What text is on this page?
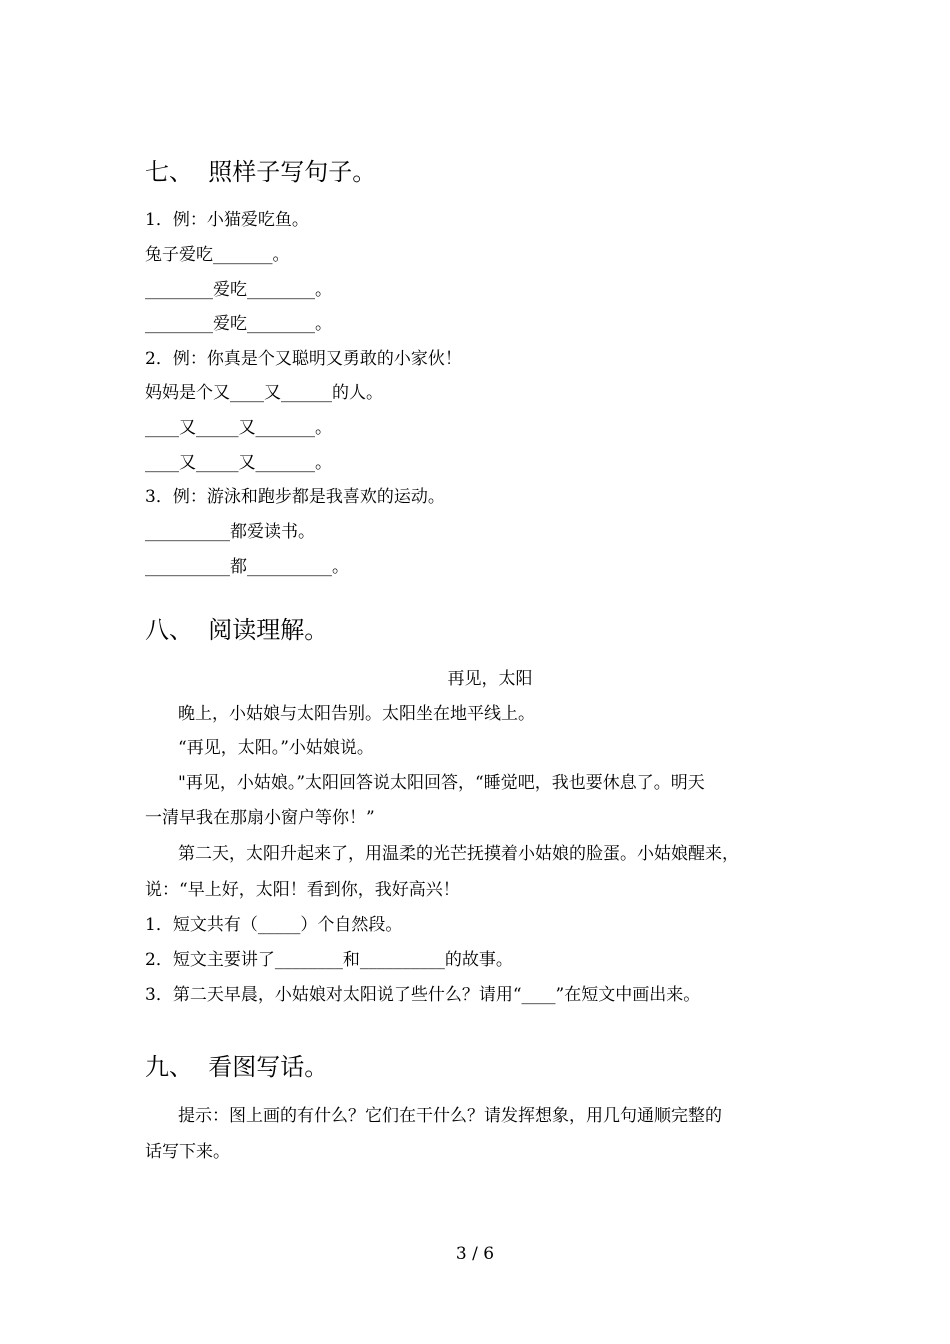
七、  照样子写句子。
1．例：小猫爱吃鱼。
兔子爱吃_______。
________爱吃________。
________爱吃________。
2．例：你真是个又聪明又勇敢的小家伙！
妈妈是个又____又______的人。
____又_____又_______。
____又_____又_______。
3．例：游泳和跑步都是我喜欢的运动。
__________都爱读书。
__________都__________。
八、  阅读理解。
再见，太阳
晚上，小姑娘与太阳告别。太阳坐在地平线上。
“再见，太阳。”小姑娘说。
"再见，小姑娘。”太阳回答说太阳回答，“睡觉吧，我也要休息了。明天
一清早我在那扇小窗户等你！”
第二天，太阳升起来了，用温柔的光芒抚摸着小姑娘的脸蛋。小姑娘醒来，
说：“早上好，太阳！看到你，我好高兴！
1．短文共有（_____）个自然段。
2．短文主要讲了________和__________的故事。
3．第二天早晨，小姑娘对太阳说了些什么？请用“____”在短文中画出来。
九、  看图写话。
提示：图上画的有什么？它们在干什么？请发挥想象，用几句通顺完整的
话写下来。
3 / 6
